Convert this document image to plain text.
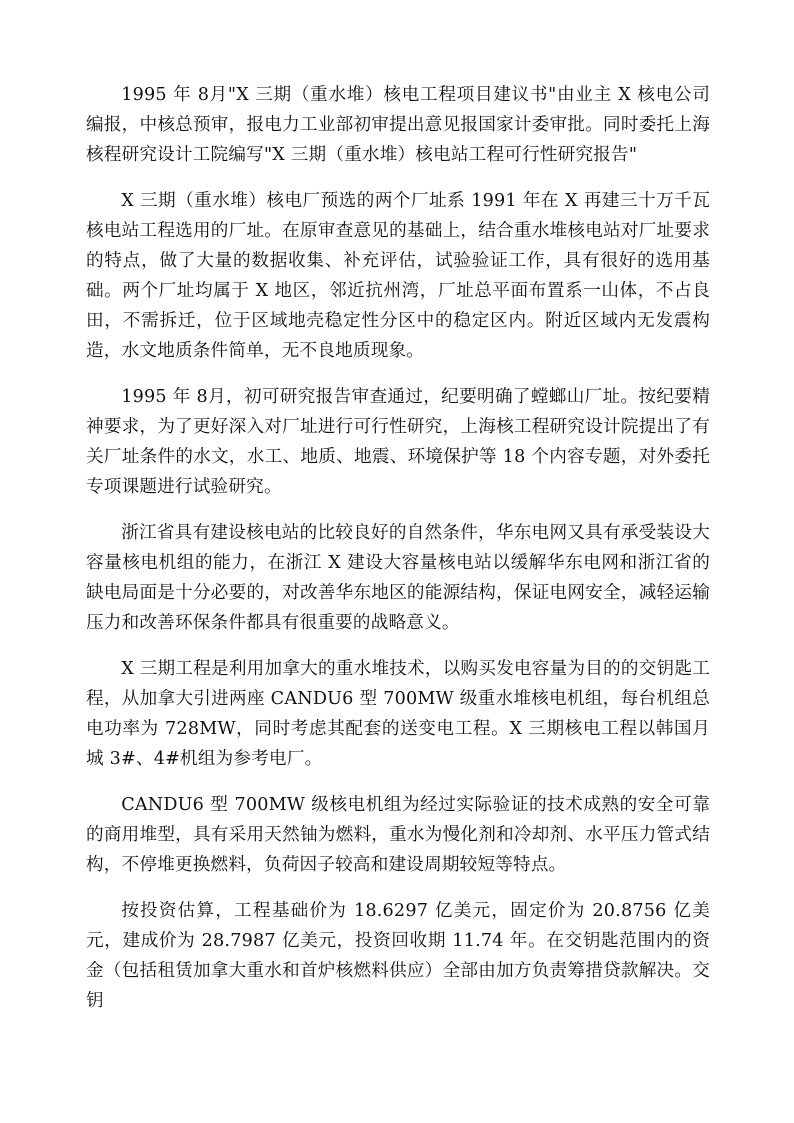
1995 年 8月"X 三期（重水堆）核电工程项目建议书"由业主 X 核电公司编报，中核总预审，报电力工业部初审提出意见报国家计委审批。同时委托上海核程研究设计工院编写"X 三期（重水堆）核电站工程可行性研究报告"

X 三期（重水堆）核电厂预选的两个厂址系 1991 年在 X 再建三十万千瓦核电站工程选用的厂址。在原审查意见的基础上，结合重水堆核电站对厂址要求的特点，做了大量的数据收集、补充评估，试验验证工作，具有很好的选用基础。两个厂址均属于 X 地区，邻近抗州湾，厂址总平面布置系一山体，不占良田，不需拆迁，位于区域地壳稳定性分区中的稳定区内。附近区域内无发震构造，水文地质条件简单，无不良地质现象。

1995 年 8月，初可研究报告审查通过，纪要明确了螳螂山厂址。按纪要精神要求，为了更好深入对厂址进行可行性研究，上海核工程研究设计院提出了有关厂址条件的水文，水工、地质、地震、环境保护等 18 个内容专题，对外委托专项课题进行试验研究。

浙江省具有建设核电站的比较良好的自然条件，华东电网又具有承受装设大容量核电机组的能力，在浙江 X 建设大容量核电站以缓解华东电网和浙江省的缺电局面是十分必要的，对改善华东地区的能源结构，保证电网安全，减轻运输压力和改善环保条件都具有很重要的战略意义。

X 三期工程是利用加拿大的重水堆技术，以购买发电容量为目的的交钥匙工程，从加拿大引进两座 CANDU6 型 700MW 级重水堆核电机组，每台机组总电功率为 728MW，同时考虑其配套的送变电工程。X 三期核电工程以韩国月城 3#、4#机组为参考电厂。

CANDU6 型 700MW 级核电机组为经过实际验证的技术成熟的安全可靠的商用堆型，具有采用天然铀为燃料，重水为慢化剂和冷却剂、水平压力管式结构，不停堆更换燃料，负荷因子较高和建设周期较短等特点。

按投资估算，工程基础价为 18.6297 亿美元，固定价为 20.8756 亿美元，建成价为 28.7987 亿美元，投资回收期 11.74 年。在交钥匙范围内的资金（包括租赁加拿大重水和首炉核燃料供应）全部由加方负责筹措贷款解决。交钥
